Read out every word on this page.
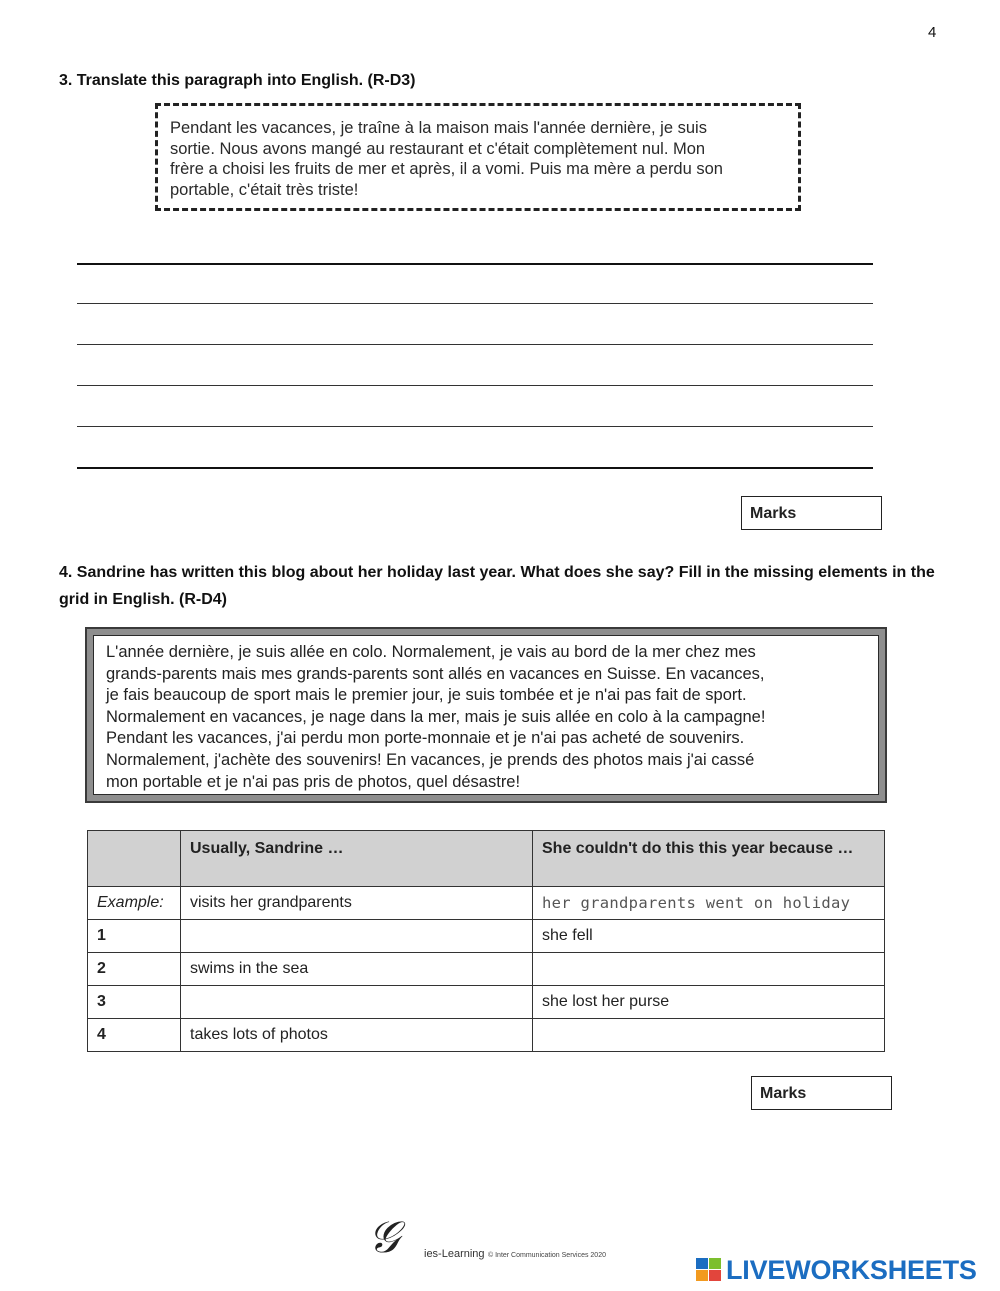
4
3. Translate this paragraph into English. (R-D3)
Pendant les vacances, je traîne à la maison mais l'année dernière, je suis
sortie. Nous avons mangé au restaurant et c'était complètement nul. Mon
frère a choisi les fruits de mer et après, il a vomi. Puis ma mère a perdu son
portable, c'était très triste!
Marks
4. Sandrine has written this blog about her holiday last year. What does she say? Fill in the missing elements in the grid in English. (R-D4)
L'année dernière, je suis allée en colo. Normalement, je vais au bord de la mer chez mes
grands-parents mais mes grands-parents sont allés en vacances en Suisse. En vacances,
je fais beaucoup de sport mais le premier jour, je suis tombée et je n'ai pas fait de sport.
Normalement en vacances, je nage dans la mer, mais je suis allée en colo à la campagne!
Pendant les vacances, j'ai perdu mon porte-monnaie et je n'ai pas acheté de souvenirs.
Normalement, j'achète des souvenirs! En vacances, je prends des photos mais j'ai cassé
mon portable et je n'ai pas pris de photos, quel désastre!
	Usually, Sandrine …	She couldn't do this this year because …
Example:	visits her grandparents	her grandparents went on holiday
1		she fell
2	swims in the sea	
3		she lost her purse
4	takes lots of photos	
Marks
𝒢 ies-Learning © Inter Communication Services 2020	LIVEWORKSHEETS
